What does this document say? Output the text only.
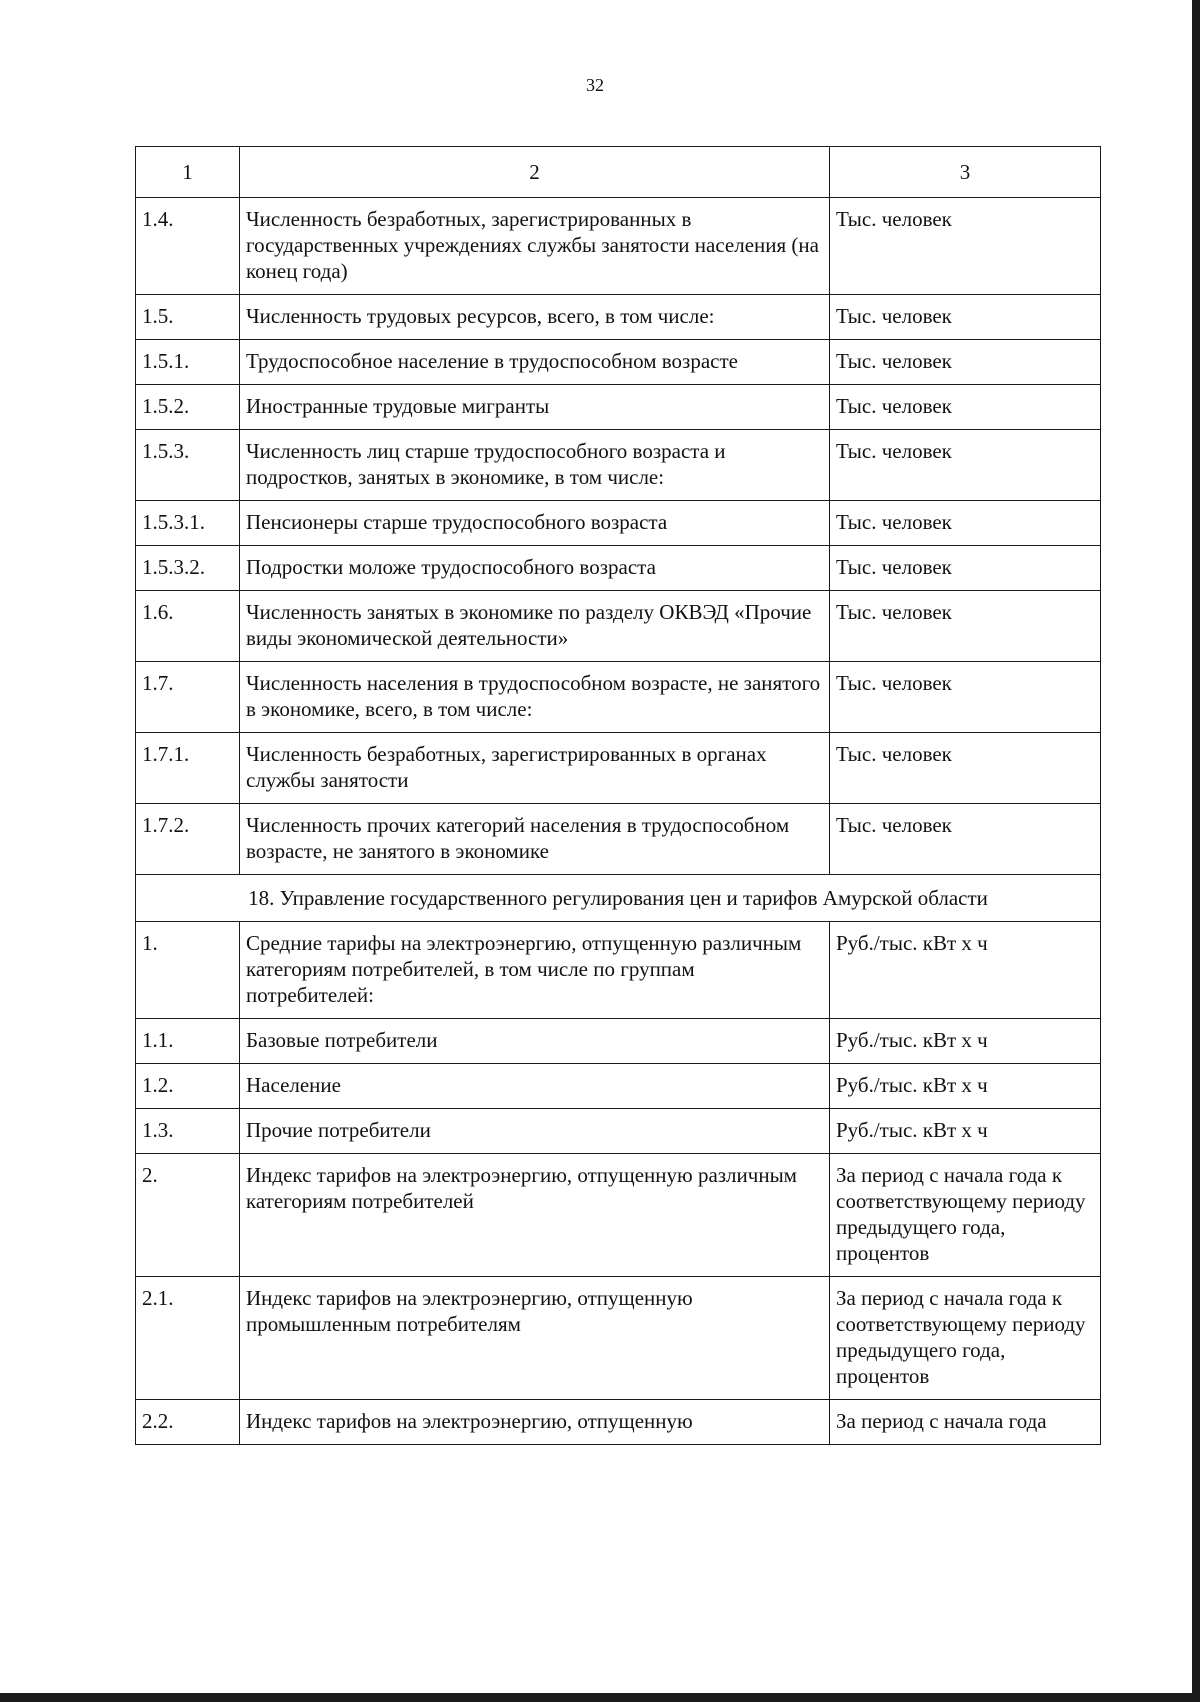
32
1	2	3
1.4.	Численность безработных, зарегистрированных в государственных учреждениях службы занятости населения (на конец года)	Тыс. человек
1.5.	Численность трудовых ресурсов, всего, в том числе:	Тыс. человек
1.5.1.	Трудоспособное население в трудоспособном возрасте	Тыс. человек
1.5.2.	Иностранные трудовые мигранты	Тыс. человек
1.5.3.	Численность лиц старше трудоспособного возраста и подростков, занятых в экономике, в том числе:	Тыс. человек
1.5.3.1.	Пенсионеры старше трудоспособного возраста	Тыс. человек
1.5.3.2.	Подростки моложе трудоспособного возраста	Тыс. человек
1.6.	Численность занятых в экономике по разделу ОКВЭД «Прочие виды экономической деятельности»	Тыс. человек
1.7.	Численность населения в трудоспособном возрасте, не занятого в экономике, всего, в том числе:	Тыс. человек
1.7.1.	Численность безработных, зарегистрированных в органах службы занятости	Тыс. человек
1.7.2.	Численность прочих категорий населения в трудоспособном возрасте, не занятого в экономике	Тыс. человек
18. Управление государственного регулирования цен и тарифов Амурской области		
1.	Средние тарифы на электроэнергию, отпущенную различным категориям потребителей, в том числе по группам потребителей:	Руб./тыс. кВт х ч
1.1.	Базовые потребители	Руб./тыс. кВт х ч
1.2.	Население	Руб./тыс. кВт х ч
1.3.	Прочие потребители	Руб./тыс. кВт х ч
2.	Индекс тарифов на электроэнергию, отпущенную различным категориям потребителей	За период с начала года к соответствующему периоду предыдущего года, процентов
2.1.	Индекс тарифов на электроэнергию, отпущенную промышленным потребителям	За период с начала года к соответствующему периоду предыдущего года, процентов
2.2.	Индекс тарифов на электроэнергию, отпущенную	За период с начала года
